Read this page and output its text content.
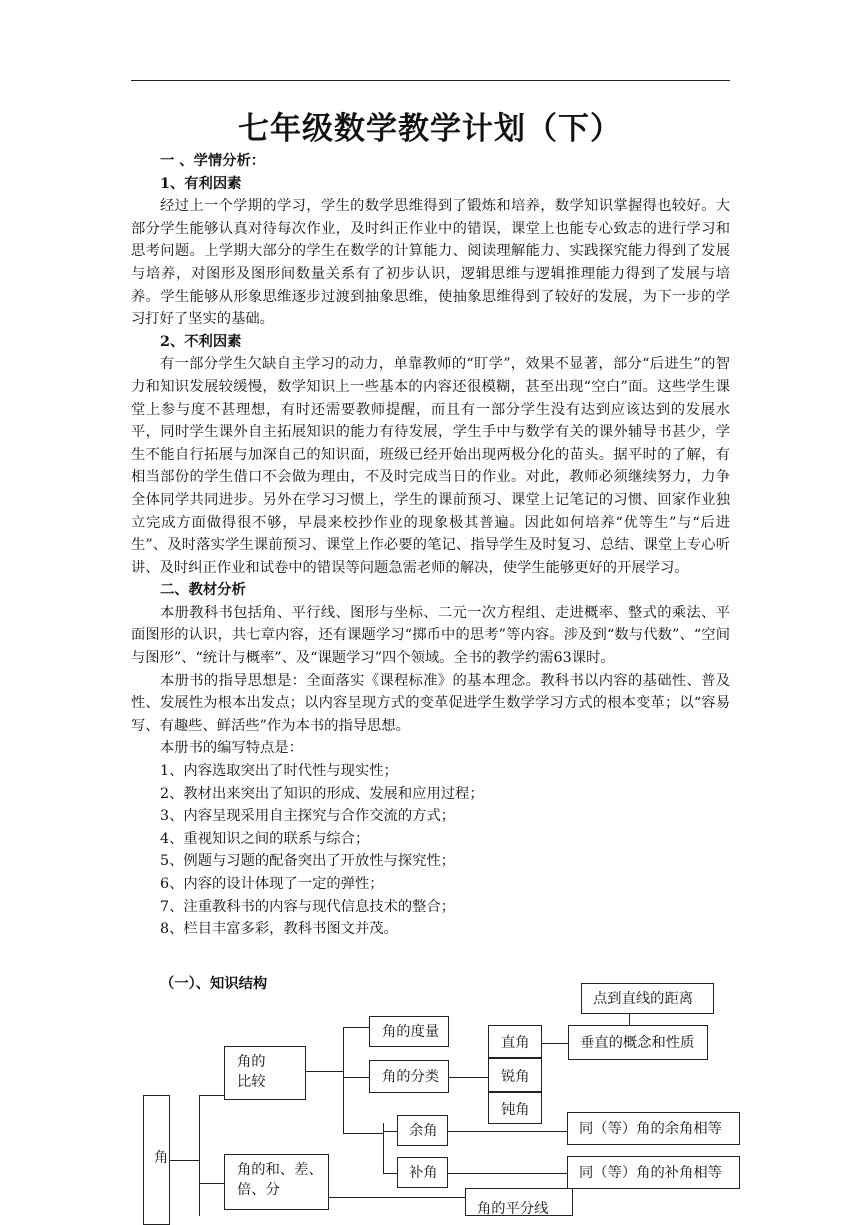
七年级数学教学计划（下）

一 、学情分析：

1、有利因素

经过上一个学期的学习，学生的数学思维得到了锻炼和培养，数学知识掌握得也较好。大部分学生能够认真对待每次作业，及时纠正作业中的错误，课堂上也能专心致志的进行学习和思考问题。上学期大部分的学生在数学的计算能力、阅读理解能力、实践探究能力得到了发展与培养，对图形及图形间数量关系有了初步认识，逻辑思维与逻辑推理能力得到了发展与培养。学生能够从形象思维逐步过渡到抽象思维，使抽象思维得到了较好的发展，为下一步的学习打好了坚实的基础。

2、不利因素

有一部分学生欠缺自主学习的动力，单靠教师的“盯学”，效果不显著，部分“后进生”的智力和知识发展较缓慢，数学知识上一些基本的内容还很模糊，甚至出现“空白”面。这些学生课堂上参与度不甚理想，有时还需要教师提醒，而且有一部分学生没有达到应该达到的发展水平，同时学生课外自主拓展知识的能力有待发展，学生手中与数学有关的课外辅导书甚少，学生不能自行拓展与加深自己的知识面，班级已经开始出现两极分化的苗头。据平时的了解，有相当部份的学生借口不会做为理由，不及时完成当日的作业。对此，教师必须继续努力，力争全体同学共同进步。另外在学习习惯上，学生的课前预习、课堂上记笔记的习惯、回家作业独立完成方面做得很不够，早晨来校抄作业的现象极其普遍。因此如何培养“优等生”与“后进生”、及时落实学生课前预习、课堂上作必要的笔记、指导学生及时复习、总结、课堂上专心听讲、及时纠正作业和试卷中的错误等问题急需老师的解决，使学生能够更好的开展学习。

二、教材分析

本册教科书包括角、平行线、图形与坐标、二元一次方程组、走进概率、整式的乘法、平面图形的认识，共七章内容，还有课题学习“掷币中的思考”等内容。涉及到“数与代数”、“空间与图形”、“统计与概率”、及“课题学习”四个领域。全书的教学约需63课时。

本册书的指导思想是：全面落实《课程标准》的基本理念。教科书以内容的基础性、普及性、发展性为根本出发点；以内容呈现方式的变革促进学生数学学习方式的根本变革；以“容易写、有趣些、鲜活些”作为本书的指导思想。

本册书的编写特点是：

1、内容选取突出了时代性与现实性；

2、教材出来突出了知识的形成、发展和应用过程；

3、内容呈现采用自主探究与合作交流的方式；

4、重视知识之间的联系与综合；

5、例题与习题的配备突出了开放性与探究性；

6、内容的设计体现了一定的弹性；

7、注重教科书的内容与现代信息技术的整合；

8、栏目丰富多彩，教科书图文并茂。

（一）、知识结构
角
角的
比较
角的和、差、
倍、分
角的度量
角的分类
直角
锐角
钝角
余角
补角
角的平分线
点到直线的距离
垂直的概念和性质
同（等）角的余角相等
同（等）角的补角相等
